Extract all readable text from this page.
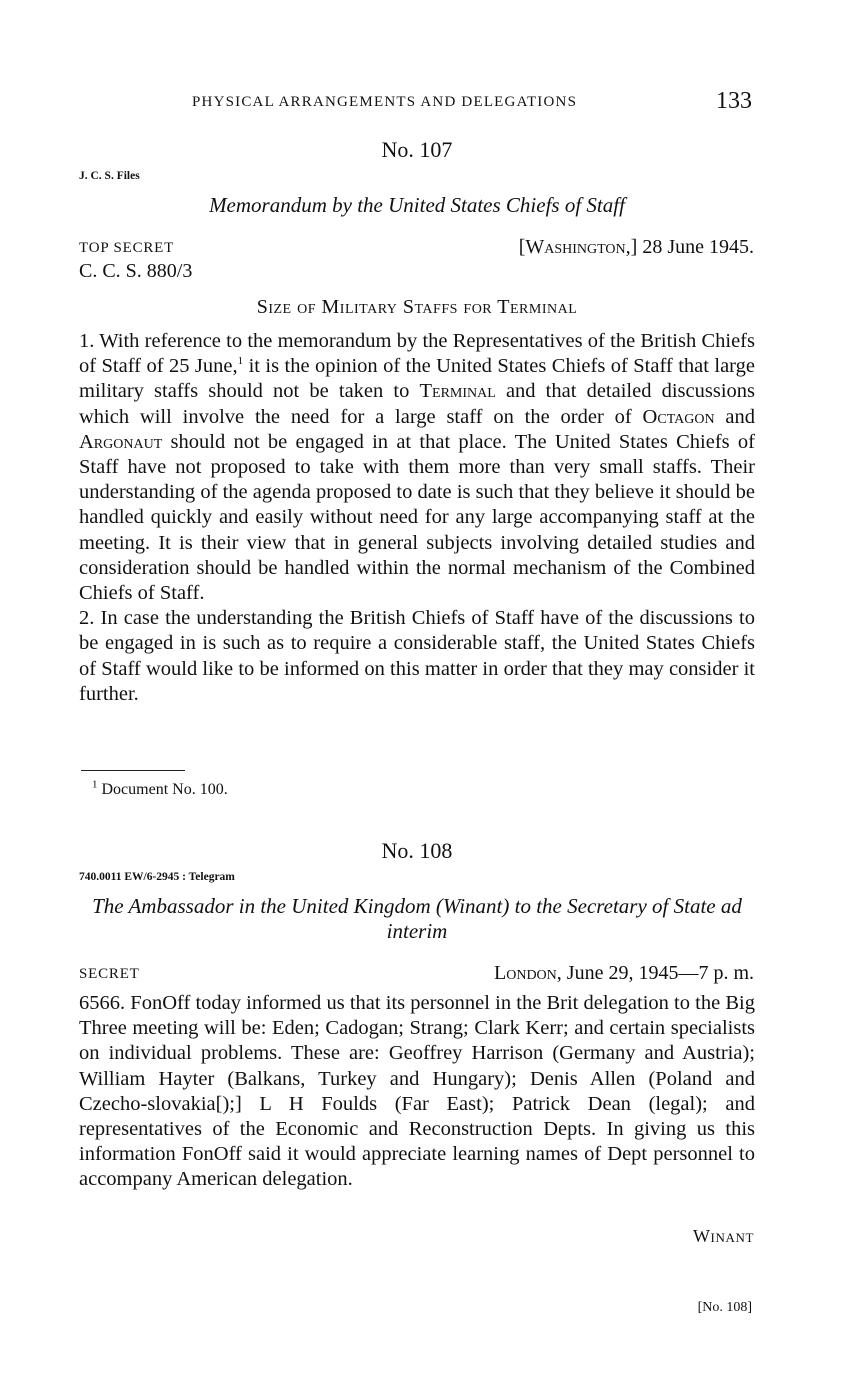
PHYSICAL ARRANGEMENTS AND DELEGATIONS	133
No. 107
J. C. S. Files
Memorandum by the United States Chiefs of Staff
TOP SECRET	[Washington,] 28 June 1945.
C. C. S. 880/3
Size of Military Staffs for Terminal

1. With reference to the memorandum by the Representatives of the British Chiefs of Staff of 25 June,$^1$ it is the opinion of the United States Chiefs of Staff that large military staffs should not be taken to Terminal and that detailed discussions which will involve the need for a large staff on the order of Octagon and Argonaut should not be engaged in at that place. The United States Chiefs of Staff have not proposed to take with them more than very small staffs. Their understanding of the agenda proposed to date is such that they believe it should be handled quickly and easily without need for any large accompanying staff at the meeting. It is their view that in general subjects involving detailed studies and consideration should be handled within the normal mechanism of the Combined Chiefs of Staff.

2. In case the understanding the British Chiefs of Staff have of the discussions to be engaged in is such as to require a considerable staff, the United States Chiefs of Staff would like to be informed on this matter in order that they may consider it further.

$^1$ Document No. 100.
No. 108
740.0011 EW/6-2945 : Telegram
The Ambassador in the United Kingdom (Winant) to the Secretary of State ad interim
SECRET	London, June 29, 1945—7 p. m.

6566. FonOff today informed us that its personnel in the Brit delegation to the Big Three meeting will be: Eden; Cadogan; Strang; Clark Kerr; and certain specialists on individual problems. These are: Geoffrey Harrison (Germany and Austria); William Hayter (Balkans, Turkey and Hungary); Denis Allen (Poland and Czecho-slovakia[);] L H Foulds (Far East); Patrick Dean (legal); and representatives of the Economic and Reconstruction Depts. In giving us this information FonOff said it would appreciate learning names of Dept personnel to accompany American delegation.

Winant
[No. 108]
